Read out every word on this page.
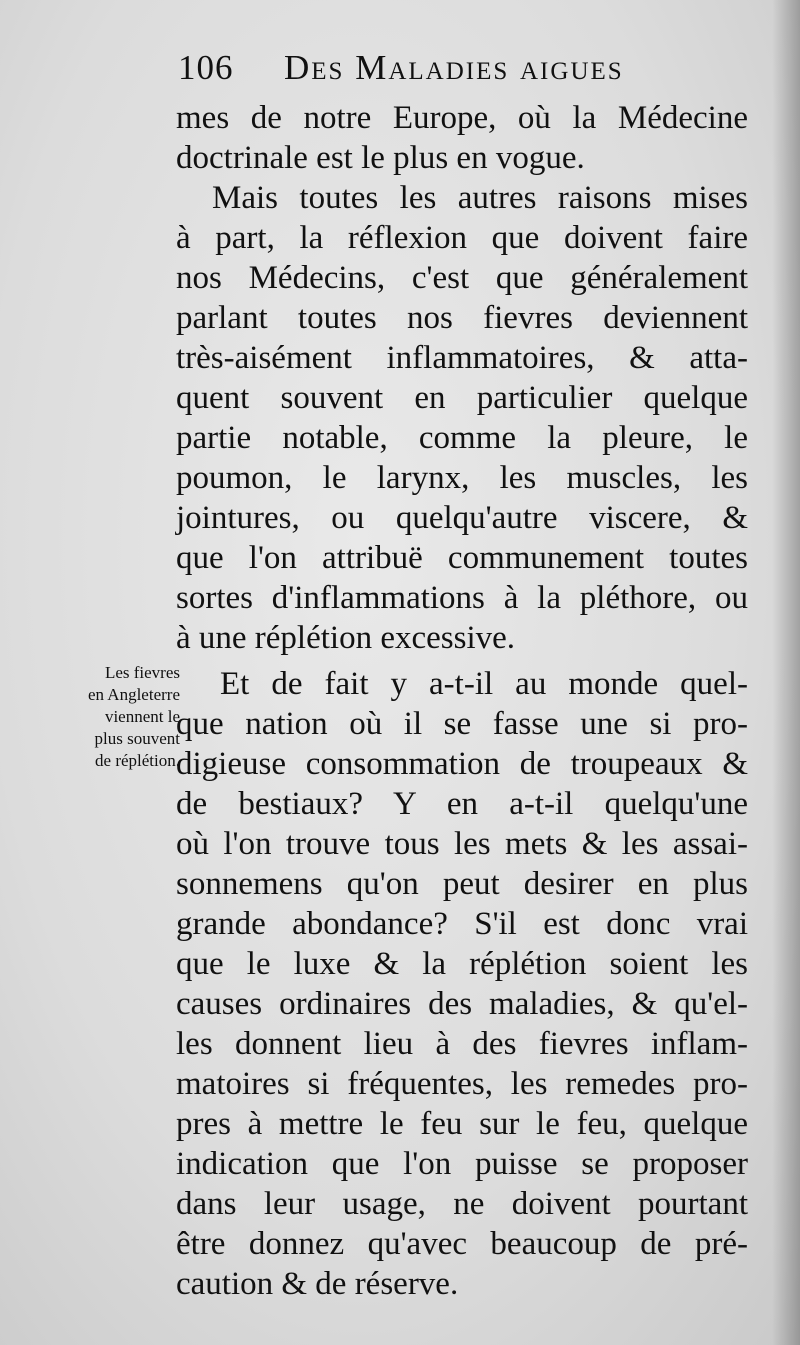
106 Des Maladies aigues
mes de notre Europe, où la Médecine
doctrinale est le plus en vogue.
Mais toutes les autres raisons mises
à part, la réflexion que doivent faire
nos Médecins, c'est que généralement
parlant toutes nos fievres deviennent
très-aisément inflammatoires, & atta-
quent souvent en particulier quelque
partie notable, comme la pleure, le
poumon, le larynx, les muscles, les
jointures, ou quelqu'autre viscere, &
que l'on attribuë communement toutes
sortes d'inflammations à la pléthore, ou
à une réplétion excessive.
Les fievres
en Angleterre
viennent le
plus souvent
de réplétion.
Et de fait y a-t-il au monde quel-
que nation où il se fasse une si pro-
digieuse consommation de troupeaux &
de bestiaux? Y en a-t-il quelqu'une
où l'on trouve tous les mets & les assai-
sonnemens qu'on peut desirer en plus
grande abondance? S'il est donc vrai
que le luxe & la réplétion soient les
causes ordinaires des maladies, & qu'el-
les donnent lieu à des fievres inflam-
matoires si fréquentes, les remedes pro-
pres à mettre le feu sur le feu, quelque
indication que l'on puisse se proposer
dans leur usage, ne doivent pourtant
être donnez qu'avec beaucoup de pré-
caution & de réserve.
